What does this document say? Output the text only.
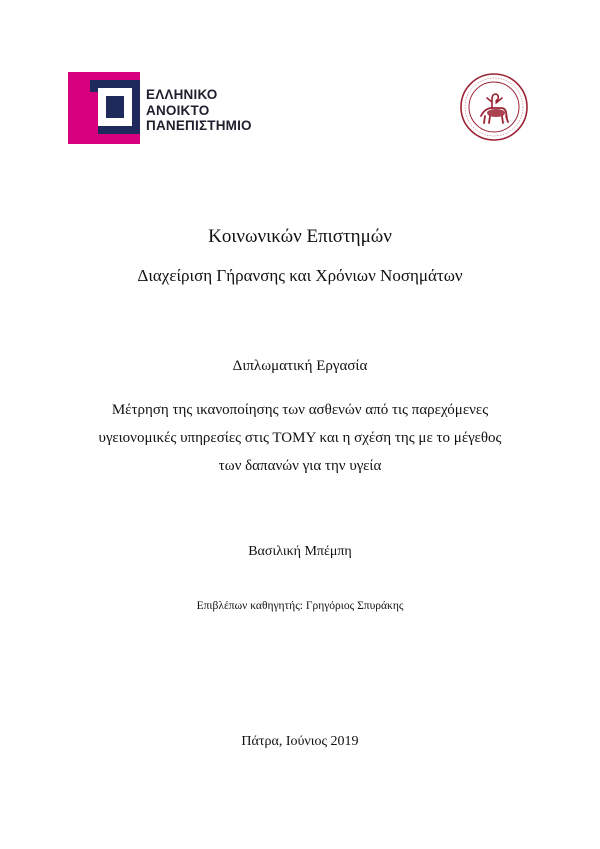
ΕΛΛΗΝΙΚΟ
ΑΝΟΙΚΤΟ
ΠΑΝΕΠΙΣΤΗΜΙΟ
Κοινωνικών Επιστημών
Διαχείριση Γήρανσης και Χρόνιων Νοσημάτων
Διπλωματική Εργασία
Μέτρηση της ικανοποίησης των ασθενών από τις παρεχόμενες
υγειονομικές υπηρεσίες στις ΤΟΜΥ και η σχέση της με το μέγεθος
των δαπανών για την υγεία
Βασιλική Μπέμπη
Επιβλέπων καθηγητής: Γρηγόριος Σπυράκης
Πάτρα, Ιούνιος 2019
